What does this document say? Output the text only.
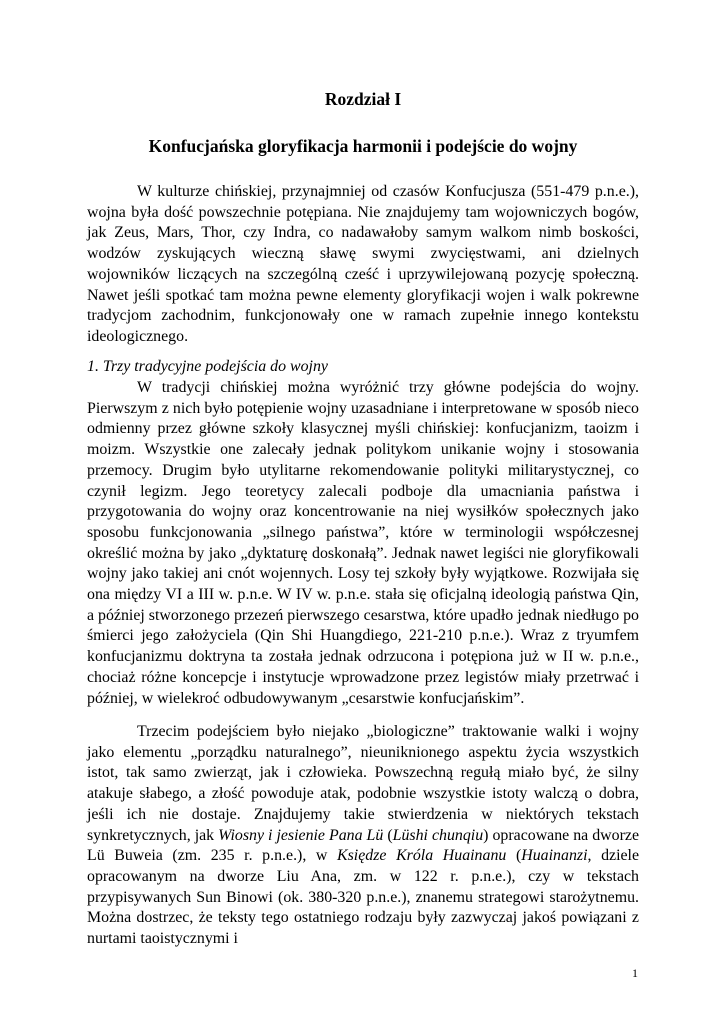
Rozdział I
Konfucjańska gloryfikacja harmonii i podejście do wojny

W kulturze chińskiej, przynajmniej od czasów Konfucjusza (551-479 p.n.e.), wojna była dość powszechnie potępiana. Nie znajdujemy tam wojowniczych bogów, jak Zeus, Mars, Thor, czy Indra, co nadawałoby samym walkom nimb boskości, wodzów zyskujących wieczną sławę swymi zwycięstwami, ani dzielnych wojowników liczących na szczególną cześć i uprzywilejowaną pozycję społeczną. Nawet jeśli spotkać tam można pewne elementy gloryfikacji wojen i walk pokrewne tradycjom zachodnim, funkcjonowały one w ramach zupełnie innego kontekstu ideologicznego.

1. Trzy tradycyjne podejścia do wojny

W tradycji chińskiej można wyróżnić trzy główne podejścia do wojny. Pierwszym z nich było potępienie wojny uzasadniane i interpretowane w sposób nieco odmienny przez główne szkoły klasycznej myśli chińskiej: konfucjanizm, taoizm i moizm. Wszystkie one zalecały jednak politykom unikanie wojny i stosowania przemocy. Drugim było utylitarne rekomendowanie polityki militarystycznej, co czynił legizm. Jego teoretycy zalecali podboje dla umacniania państwa i przygotowania do wojny oraz koncentrowanie na niej wysiłków społecznych jako sposobu funkcjonowania „silnego państwa”, które w terminologii współczesnej określić można by jako „dyktaturę doskonałą”. Jednak nawet legiści nie gloryfikowali wojny jako takiej ani cnót wojennych. Losy tej szkoły były wyjątkowe. Rozwijała się ona między VI a III w. p.n.e. W IV w. p.n.e. stała się oficjalną ideologią państwa Qin, a później stworzonego przezeń pierwszego cesarstwa, które upadło jednak niedługo po śmierci jego założyciela (Qin Shi Huangdiego, 221-210 p.n.e.). Wraz z tryumfem konfucjanizmu doktryna ta została jednak odrzucona i potępiona już w II w. p.n.e., chociaż różne koncepcje i instytucje wprowadzone przez legistów miały przetrwać i później, w wielekroć odbudowywanym „cesarstwie konfucjańskim”.

Trzecim podejściem było niejako „biologiczne” traktowanie walki i wojny jako elementu „porządku naturalnego”, nieuniknionego aspektu życia wszystkich istot, tak samo zwierząt, jak i człowieka. Powszechną regułą miało być, że silny atakuje słabego, a złość powoduje atak, podobnie wszystkie istoty walczą o dobra, jeśli ich nie dostaje. Znajdujemy takie stwierdzenia w niektórych tekstach synkretycznych, jak Wiosny i jesienie Pana Lü (Lüshi chunqiu) opracowane na dworze Lü Buweia (zm. 235 r. p.n.e.), w Księdze Króla Huainanu (Huainanzi, dziele opracowanym na dworze Liu Ana, zm. w 122 r. p.n.e.), czy w tekstach przypisywanych Sun Binowi (ok. 380-320 p.n.e.), znanemu strategowi starożytnemu. Można dostrzec, że teksty tego ostatniego rodzaju były zazwyczaj jakoś powiązani z nurtami taoistycznymi i

1
